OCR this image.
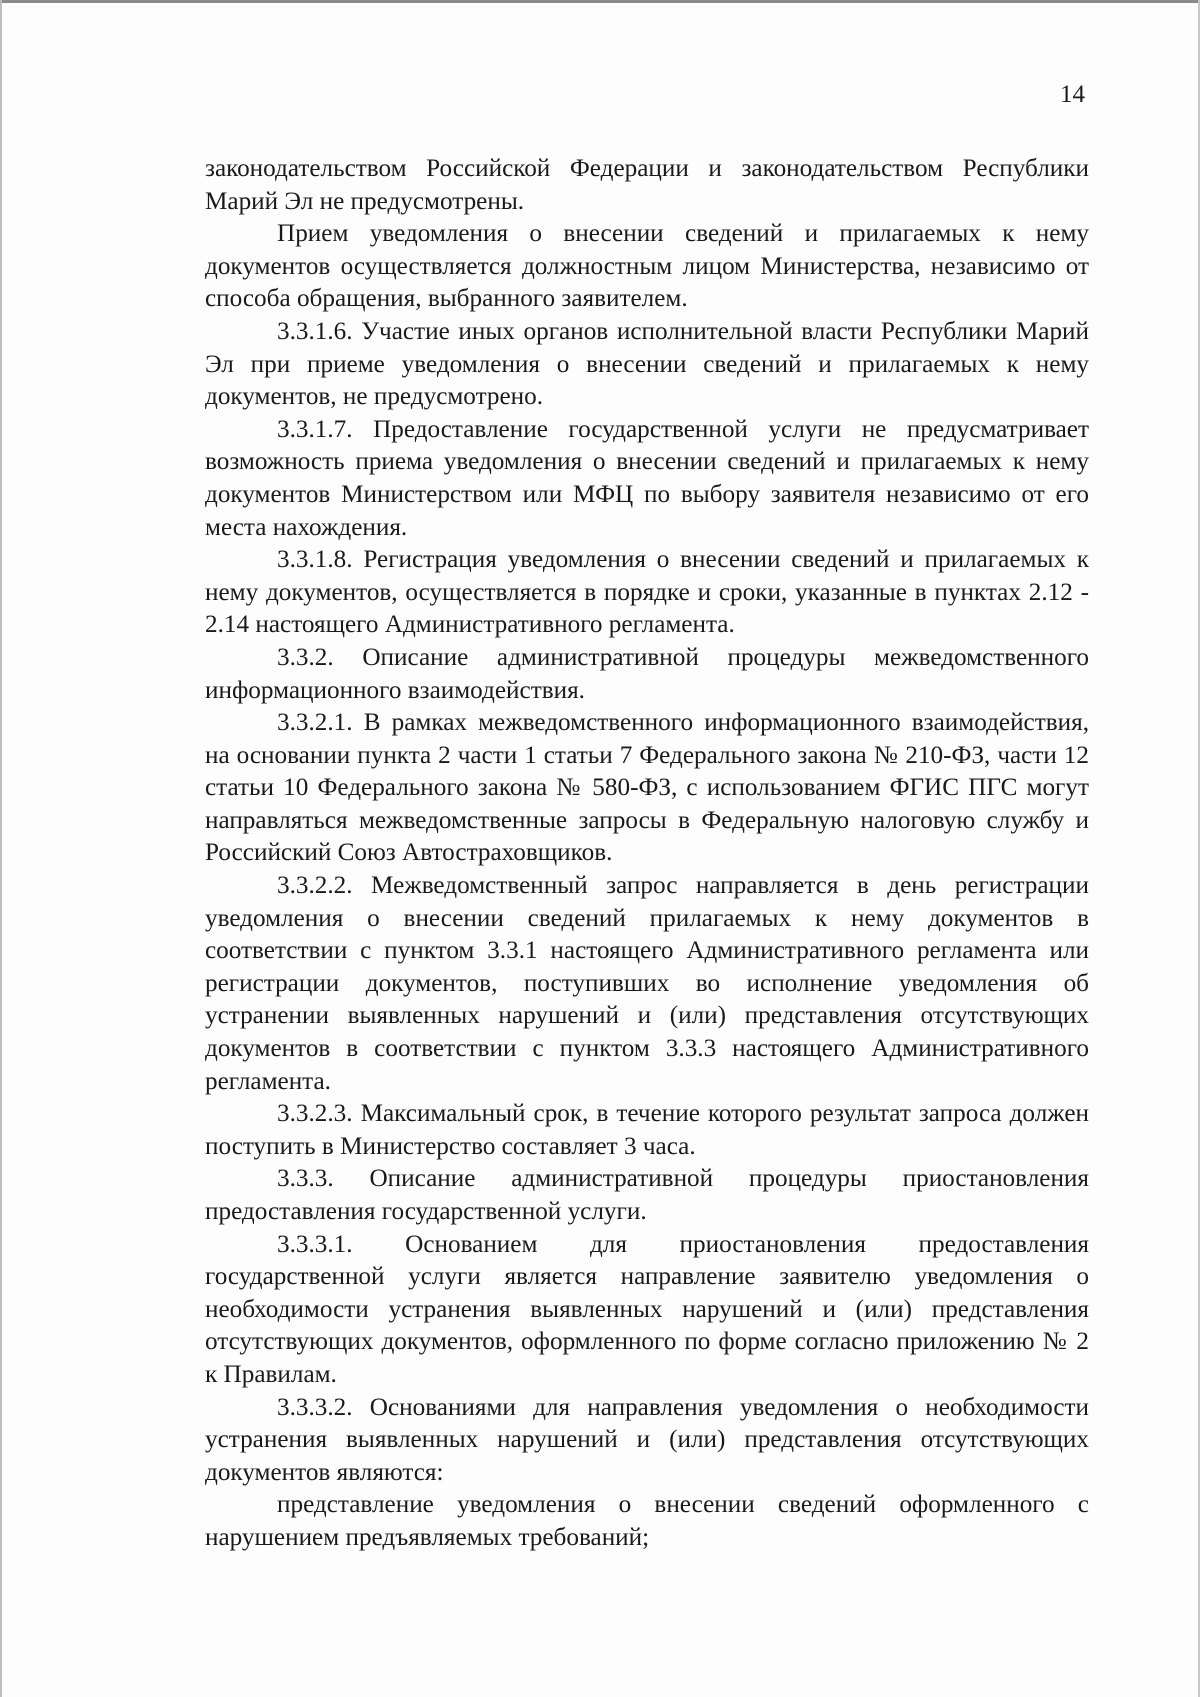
14

законодательством Российской Федерации и законодательством Республики Марий Эл не предусмотрены.

Прием уведомления о внесении сведений и прилагаемых к нему документов осуществляется должностным лицом Министерства, независимо от способа обращения, выбранного заявителем.

3.3.1.6. Участие иных органов исполнительной власти Республики Марий Эл при приеме уведомления о внесении сведений и прилагаемых к нему документов, не предусмотрено.

3.3.1.7. Предоставление государственной услуги не предусматривает возможность приема уведомления о внесении сведений и прилагаемых к нему документов Министерством или МФЦ по выбору заявителя независимо от его места нахождения.

3.3.1.8. Регистрация уведомления о внесении сведений и прилагаемых к нему документов, осуществляется в порядке и сроки, указанные в пунктах 2.12 - 2.14 настоящего Административного регламента.

3.3.2. Описание административной процедуры межведомственного информационного взаимодействия.

3.3.2.1. В рамках межведомственного информационного взаимодействия, на основании пункта 2 части 1 статьи 7 Федерального закона № 210-ФЗ, части 12 статьи 10 Федерального закона № 580-ФЗ, с использованием ФГИС ПГС могут направляться межведомственные запросы в Федеральную налоговую службу и Российский Союз Автостраховщиков.

3.3.2.2. Межведомственный запрос направляется в день регистрации уведомления о внесении сведений прилагаемых к нему документов в соответствии с пунктом 3.3.1 настоящего Административного регламента или регистрации документов, поступивших во исполнение уведомления об устранении выявленных нарушений и (или) представления отсутствующих документов в соответствии с пунктом 3.3.3 настоящего Административного регламента.

3.3.2.3. Максимальный срок, в течение которого результат запроса должен поступить в Министерство составляет 3 часа.

3.3.3. Описание административной процедуры приостановления предоставления государственной услуги.

3.3.3.1. Основанием для приостановления предоставления государственной услуги является направление заявителю уведомления о необходимости устранения выявленных нарушений и (или) представления отсутствующих документов, оформленного по форме согласно приложению № 2 к Правилам.

3.3.3.2. Основаниями для направления уведомления о необходимости устранения выявленных нарушений и (или) представления отсутствующих документов являются:

представление уведомления о внесении сведений оформленного с нарушением предъявляемых требований;
